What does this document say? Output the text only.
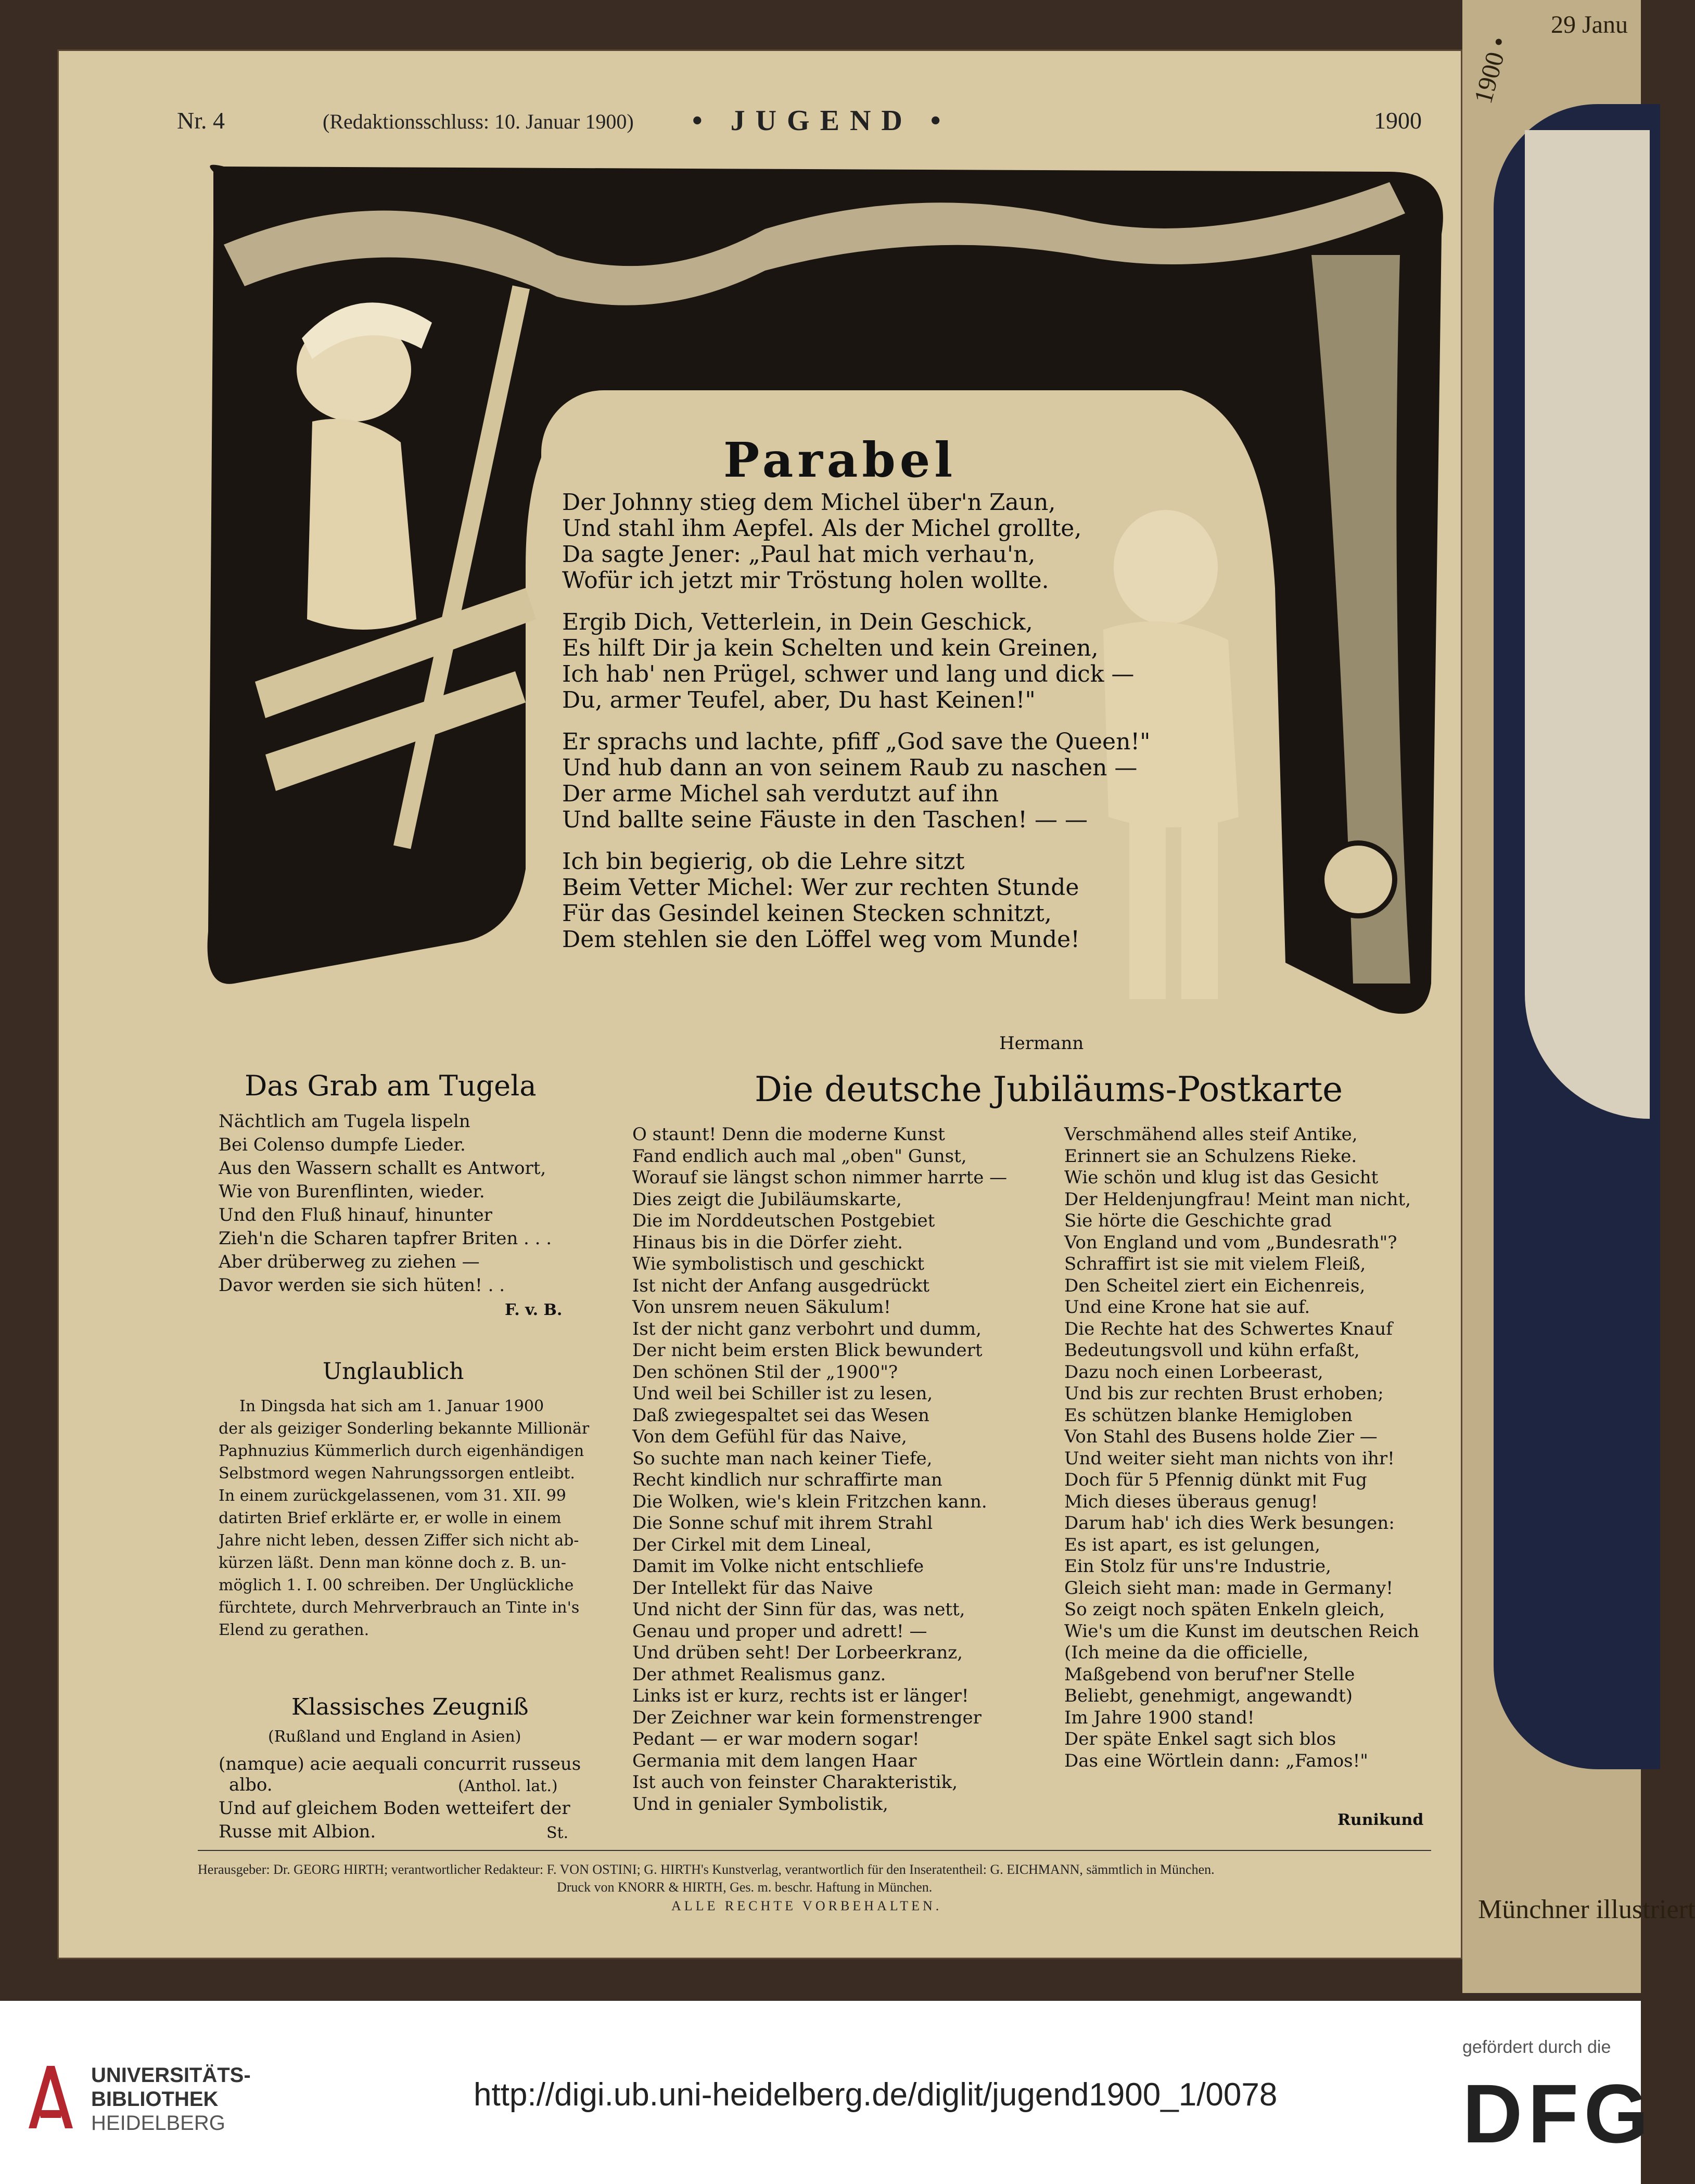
1900 •
29 Janu
Münchner illustriert
Nr. 4	(Redaktionsschluss: 10. Januar 1900) • JUGEND •	1900
Parabel
Der Johnny stieg dem Michel über'n Zaun,
Und stahl ihm Aepfel. Als der Michel grollte,
Da sagte Jener: „Paul hat mich verhau'n,
Wofür ich jetzt mir Tröstung holen wollte.
Ergib Dich, Vetterlein, in Dein Geschick,
Es hilft Dir ja kein Schelten und kein Greinen,
Ich hab' nen Prügel, schwer und lang und dick —
Du, armer Teufel, aber, Du hast Keinen!"
Er sprachs und lachte, pfiff „God save the Queen!"
Und hub dann an von seinem Raub zu naschen —
Der arme Michel sah verdutzt auf ihn
Und ballte seine Fäuste in den Taschen! — —
Ich bin begierig, ob die Lehre sitzt
Beim Vetter Michel: Wer zur rechten Stunde
Für das Gesindel keinen Stecken schnitzt,
Dem stehlen sie den Löffel weg vom Munde!
Hermann
Das Grab am Tugela
Nächtlich am Tugela lispeln
Bei Colenso dumpfe Lieder.
Aus den Wassern schallt es Antwort,
Wie von Burenflinten, wieder.
Und den Fluß hinauf, hinunter
Zieh'n die Scharen tapfrer Briten . . .
Aber drüberweg zu ziehen —
Davor werden sie sich hüten! . .
F. v. B.
Unglaublich
In Dingsda hat sich am 1. Januar 1900
der als geiziger Sonderling bekannte Millionär
Paphnuzius Kümmerlich durch eigenhändigen
Selbstmord wegen Nahrungssorgen entleibt.
In einem zurückgelassenen, vom 31. XII. 99
datirten Brief erklärte er, er wolle in einem
Jahre nicht leben, dessen Ziffer sich nicht ab-
kürzen läßt. Denn man könne doch z. B. un-
möglich 1. I. 00 schreiben. Der Unglückliche
fürchtete, durch Mehrverbrauch an Tinte in's
Elend zu gerathen.
Klassisches Zeugniß
(Rußland und England in Asien)
(namque) acie aequali concurrit russeus
albo.	(Anthol. lat.)
Und auf gleichem Boden wetteifert der
Russe mit Albion.	St.
Die deutsche Jubiläums-Postkarte
O staunt! Denn die moderne Kunst
Fand endlich auch mal „oben" Gunst,
Worauf sie längst schon nimmer harrte —
Dies zeigt die Jubiläumskarte,
Die im Norddeutschen Postgebiet
Hinaus bis in die Dörfer zieht.
Wie symbolistisch und geschickt
Ist nicht der Anfang ausgedrückt
Von unsrem neuen Säkulum!
Ist der nicht ganz verbohrt und dumm,
Der nicht beim ersten Blick bewundert
Den schönen Stil der „1900"?
Und weil bei Schiller ist zu lesen,
Daß zwiegespaltet sei das Wesen
Von dem Gefühl für das Naive,
So suchte man nach keiner Tiefe,
Recht kindlich nur schraffirte man
Die Wolken, wie's klein Fritzchen kann.
Die Sonne schuf mit ihrem Strahl
Der Cirkel mit dem Lineal,
Damit im Volke nicht entschliefe
Der Intellekt für das Naive
Und nicht der Sinn für das, was nett,
Genau und proper und adrett! —
Und drüben seht! Der Lorbeerkranz,
Der athmet Realismus ganz.
Links ist er kurz, rechts ist er länger!
Der Zeichner war kein formenstrenger
Pedant — er war modern sogar!
Germania mit dem langen Haar
Ist auch von feinster Charakteristik,
Und in genialer Symbolistik,
Verschmähend alles steif Antike,
Erinnert sie an Schulzens Rieke.
Wie schön und klug ist das Gesicht
Der Heldenjungfrau! Meint man nicht,
Sie hörte die Geschichte grad
Von England und vom „Bundesrath"?
Schraffirt ist sie mit vielem Fleiß,
Den Scheitel ziert ein Eichenreis,
Und eine Krone hat sie auf.
Die Rechte hat des Schwertes Knauf
Bedeutungsvoll und kühn erfaßt,
Dazu noch einen Lorbeerast,
Und bis zur rechten Brust erhoben;
Es schützen blanke Hemigloben
Von Stahl des Busens holde Zier —
Und weiter sieht man nichts von ihr!
Doch für 5 Pfennig dünkt mit Fug
Mich dieses überaus genug!
Darum hab' ich dies Werk besungen:
Es ist apart, es ist gelungen,
Ein Stolz für uns're Industrie,
Gleich sieht man: made in Germany!
So zeigt noch späten Enkeln gleich,
Wie's um die Kunst im deutschen Reich
(Ich meine da die officielle,
Maßgebend von beruf'ner Stelle
Beliebt, genehmigt, angewandt)
Im Jahre 1900 stand!
Der späte Enkel sagt sich blos
Das eine Wörtlein dann: „Famos!"
Runikund
Herausgeber: Dr. GEORG HIRTH; verantwortlicher Redakteur: F. VON OSTINI; G. HIRTH's Kunstverlag, verantwortlich für den Inseratentheil: G. EICHMANN, sämmtlich in München.
Druck von KNORR & HIRTH, Ges. m. beschr. Haftung in München.
ALLE RECHTE VORBEHALTEN.
UNIVERSITÄTS-
BIBLIOTHEK
HEIDELBERG
http://digi.ub.uni-heidelberg.de/diglit/jugend1900_1/0078
gefördert durch die
DFG
